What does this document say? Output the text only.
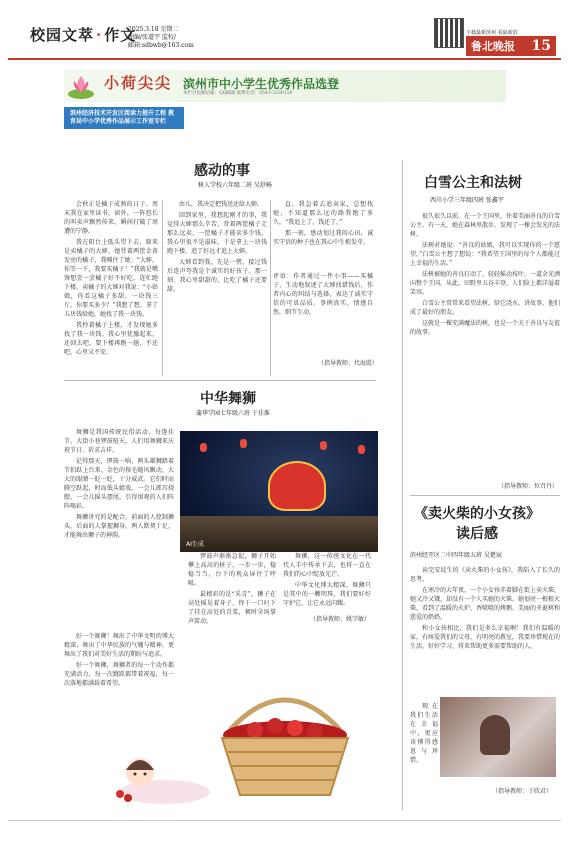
校园文萃 · 作文
2025.3.18 星期二
图编/张道宇 监校/
邮箱:sdbwb@163.com
下载最新滨州 看最新滨
鲁北晚报 15
小荷尖尖 滨州市中小学生优秀作品选登
本栏目投稿信箱：QQ邮箱 联系电话：0543-3330110
滨州经济技术开发区阅读力提升工程 教育局中小学优秀作品展示工作室专栏
感动的事
树人学校六年级二班 吴舒畅

会秋正是橘子成熟的日子。周末我在家里读书，窗外，一阵悠长的叫卖声飘然传来，瞬间打破了周遭的宁静。

我在阳台上低头望下去，原来是卖橘子的大婶，她背着两筐金黄发亮的橘子，我喊住了她：“大婶，你等一下，我要买橘子！”我就是嘴馋想尝一尝橘子好不好吃，连忙跑下楼。卖橘子的大婶对我说：“小姑娘，你看这橘子多甜，一块钱三斤，你要买多少？”我想了想，拿了五块钱给她，她找了我一块钱。

我拎着橘子上楼，才发现她多找了我一块钱。我心里犹豫起来，还回去吧，要下楼再跑一趟，不还吧，心里又不安。

由儿，我决定把钱送还给大婶。

回到家里，我想起刚才的事，我觉得大婶那么辛苦，背着两筐橘子走那么远卖，一筐橘子才能卖多少钱。我心里很不是滋味，于是拿上一块钱跑下楼，追了好远才追上大婶。

大婶看到我，先是一愣，接过钱后连声夸我是个诚实的好孩子。那一刻，我心里甜甜的，比吃了橘子还要甜。

直，我急着去追卖家，总想找她，不知道那么远的路我跑了多久。“我追上了，钱还了。”

那一刻，感动划过我的心田，诚实守信的种子也在我心中生根发芽。

评语：作者通过一件小事——买橘子，生动地叙述了大婶找错钱后，作者内心的纠结与选择，表达了诚实守信的可贵品质。事例真实，情感自然，细节生动。
（指导教师：代海霞）
中华舞狮
蒲华学园七年级六班 于佳淮

舞狮是我国传统民俗活动，每逢佳节，大街小巷锣鼓喧天，人们用舞狮来庆祝节日、祈求吉祥。

记得那天，锣鼓一响，两头雄狮踏着节拍跃上台来。金色的鬃毛随风飘动，大大的眼睛一眨一眨，十分威武。它们时而腾空跃起，时而低头嬉戏，一会儿抓耳挠腮，一会儿摇头摆尾，引得围观的人们阵阵喝彩。

舞狮讲究的是配合。前面的人控制狮头，后面的人掌握狮身，两人默契十足，才能舞出狮子的神韵。

AI生成

好一个舞狮！舞出了中华文明的博大精深，舞出了中华民族的气魄与精神，更舞出了我们对美好生活的期盼与追求。

好一个舞狮，舞狮者的每一个动作都充满活力，每一次跳跃都带着祝福，每一次落地都满载着希望。

锣鼓声渐渐急促，狮子开始攀上高高的桩子，一步一步，稳稳当当，台下的观众屏住了呼吸。

最精彩的是“采青”，狮子在高处摇晃着身子，终于一口叼下了挂在高处的青菜，顿时全场掌声雷动。

舞狮，这一传统文化在一代代人手中传承下去，也将一直在我们的心中绽放光芒。

中华文化博大精深，舞狮只是其中的一颗明珠，我们要好好守护它，让它永远闪耀。

（指导教师：姚学敏）
白雪公主和法树
西川小学三年级四班 张鑫宇

很久很久以前，在一个王国里，住着美丽善良的白雪公主。有一天，她在森林里散步，发现了一棵会发光的法树。

法树对她说：“善良的姑娘，我可以实现你的一个愿望。”白雪公主想了想说：“我希望王国里的每个人都能过上幸福的生活。”

法树被她的善良打动了，轻轻摇动枝叶，一道金光洒向整个王国。从此，田野里五谷丰登，人们脸上都洋溢着笑容。

白雪公主常常来看望法树，给它浇水、讲故事，他们成了最好的朋友。

这就是一棵充满魔法的树，也是一个关于善良与友谊的故事。

（指导教师：位召丹）
《卖火柴的小女孩》读后感
滨州经开区二中四年级五班 吴楚宸

读完安徒生的《卖火柴的小女孩》，我陷入了长久的思考。

在寒冷的大年夜，一个小女孩赤着脚在街上卖火柴，她又冷又饿，却没有一个人买她的火柴。她划亮一根根火柴，看到了温暖的火炉、香喷喷的烤鹅、美丽的圣诞树和慈爱的奶奶。

和小女孩相比，我们是多么幸福啊！我们有温暖的家，有疼爱我们的父母，有明亮的教室。我要珍惜现在的生活，好好学习，将来帮助更多需要帮助的人。

现在我们生活在幸福中，更应该懂得感恩与珍惜。

（指导教师：于欣君）
